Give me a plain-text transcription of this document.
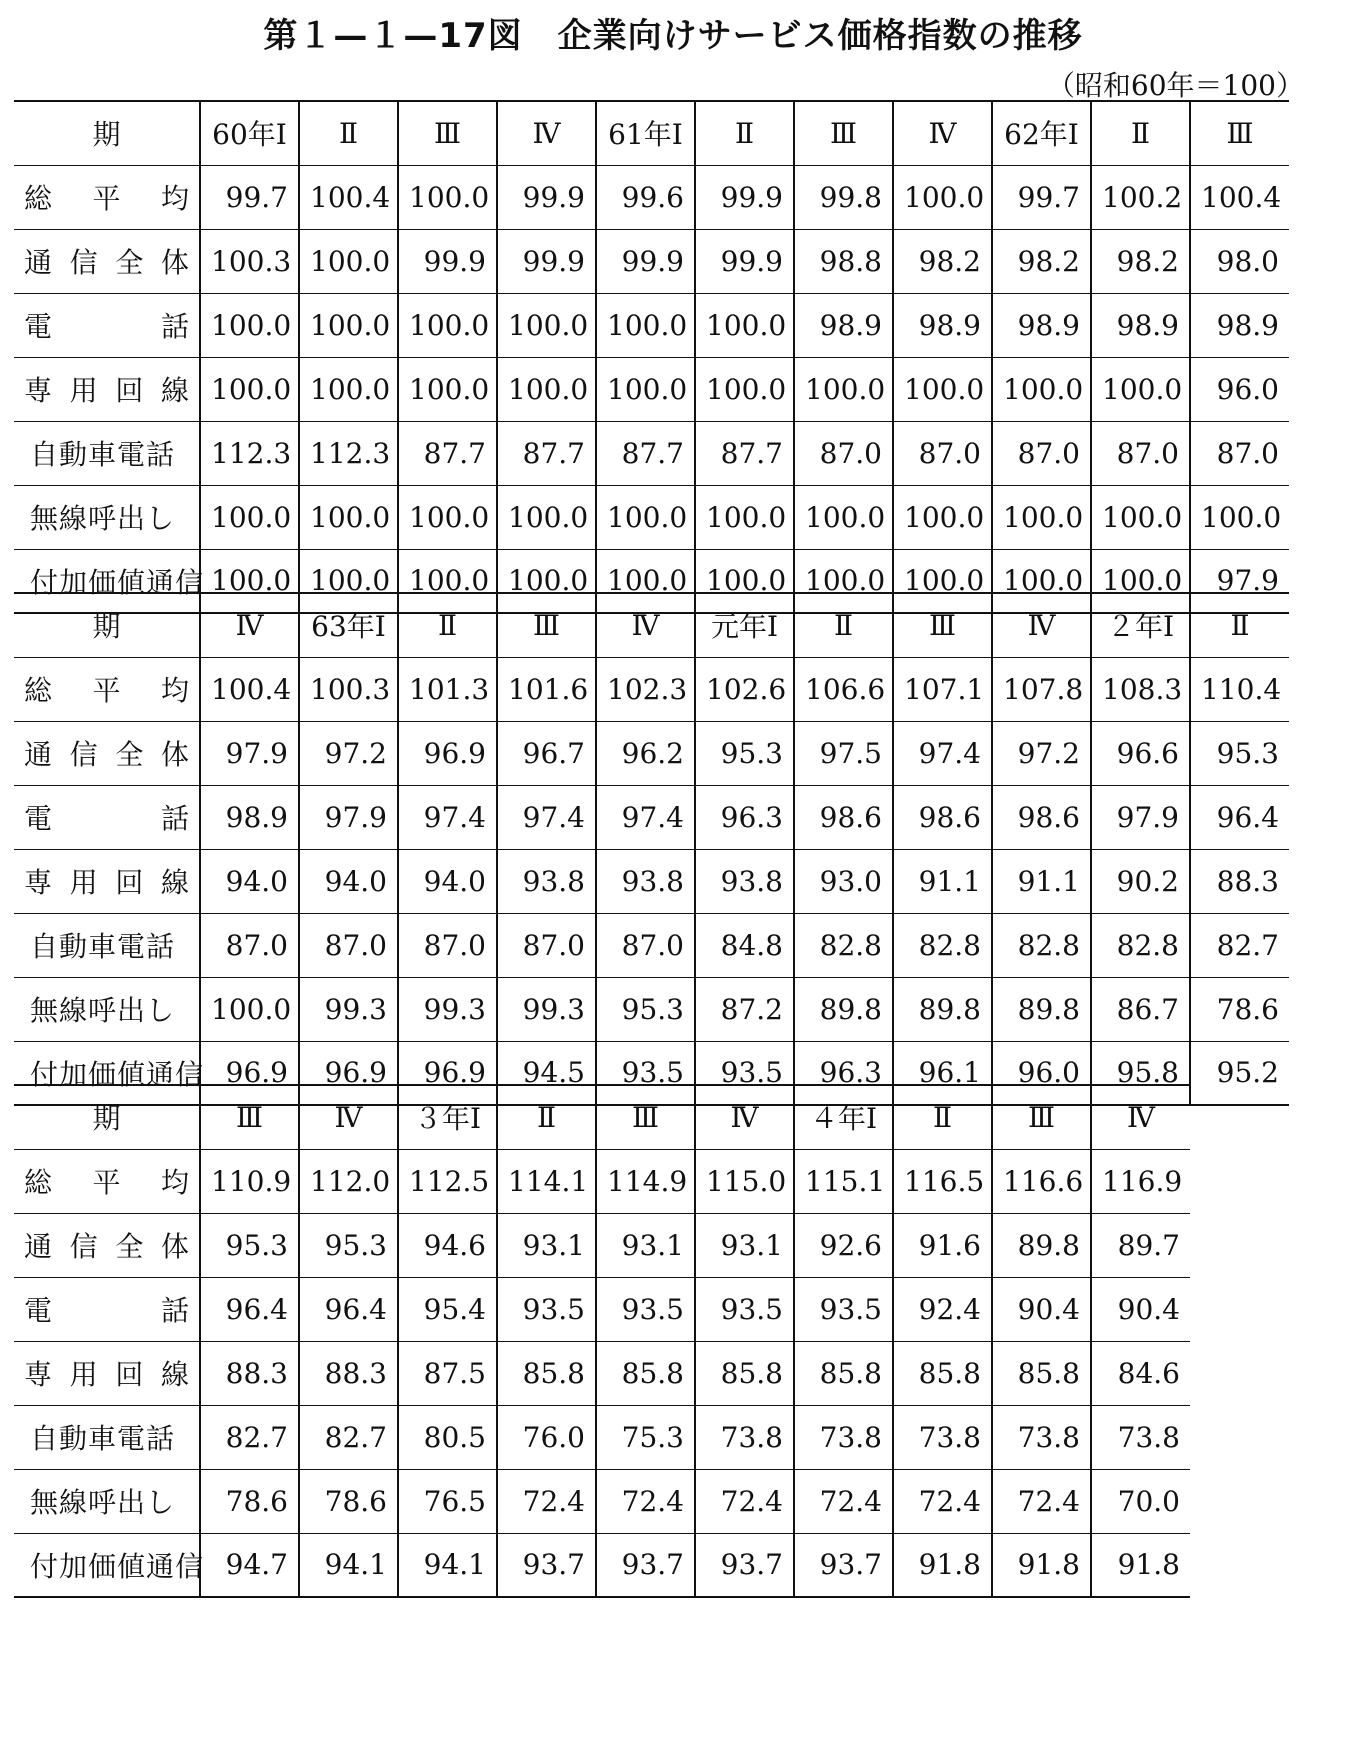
第１—１—17図　企業向けサービス価格指数の推移
（昭和60年＝100）
期	60年Ⅰ	Ⅱ	Ⅲ	Ⅳ	61年Ⅰ	Ⅱ	Ⅲ	Ⅳ	62年Ⅰ	Ⅱ	Ⅲ
総　平　均	99.7	100.4	100.0	99.9	99.6	99.9	99.8	100.0	99.7	100.2	100.4
通 信 全 体	100.3	100.0	99.9	99.9	99.9	99.9	98.8	98.2	98.2	98.2	98.0
電　　　話	100.0	100.0	100.0	100.0	100.0	100.0	98.9	98.9	98.9	98.9	98.9
専 用 回 線	100.0	100.0	100.0	100.0	100.0	100.0	100.0	100.0	100.0	100.0	96.0
自動車電話	112.3	112.3	87.7	87.7	87.7	87.7	87.0	87.0	87.0	87.0	87.0
無線呼出し	100.0	100.0	100.0	100.0	100.0	100.0	100.0	100.0	100.0	100.0	100.0
付加価値通信	100.0	100.0	100.0	100.0	100.0	100.0	100.0	100.0	100.0	100.0	97.9
期	Ⅳ	63年Ⅰ	Ⅱ	Ⅲ	Ⅳ	元年Ⅰ	Ⅱ	Ⅲ	Ⅳ	２年Ⅰ	Ⅱ
総　平　均	100.4	100.3	101.3	101.6	102.3	102.6	106.6	107.1	107.8	108.3	110.4
通 信 全 体	97.9	97.2	96.9	96.7	96.2	95.3	97.5	97.4	97.2	96.6	95.3
電　　　話	98.9	97.9	97.4	97.4	97.4	96.3	98.6	98.6	98.6	97.9	96.4
専 用 回 線	94.0	94.0	94.0	93.8	93.8	93.8	93.0	91.1	91.1	90.2	88.3
自動車電話	87.0	87.0	87.0	87.0	87.0	84.8	82.8	82.8	82.8	82.8	82.7
無線呼出し	100.0	99.3	99.3	99.3	95.3	87.2	89.8	89.8	89.8	86.7	78.6
付加価値通信	96.9	96.9	96.9	94.5	93.5	93.5	96.3	96.1	96.0	95.8	95.2
期	Ⅲ	Ⅳ	３年Ⅰ	Ⅱ	Ⅲ	Ⅳ	４年Ⅰ	Ⅱ	Ⅲ	Ⅳ
総　平　均	110.9	112.0	112.5	114.1	114.9	115.0	115.1	116.5	116.6	116.9
通 信 全 体	95.3	95.3	94.6	93.1	93.1	93.1	92.6	91.6	89.8	89.7
電　　　話	96.4	96.4	95.4	93.5	93.5	93.5	93.5	92.4	90.4	90.4
専 用 回 線	88.3	88.3	87.5	85.8	85.8	85.8	85.8	85.8	85.8	84.6
自動車電話	82.7	82.7	80.5	76.0	75.3	73.8	73.8	73.8	73.8	73.8
無線呼出し	78.6	78.6	76.5	72.4	72.4	72.4	72.4	72.4	72.4	70.0
付加価値通信	94.7	94.1	94.1	93.7	93.7	93.7	93.7	91.8	91.8	91.8
